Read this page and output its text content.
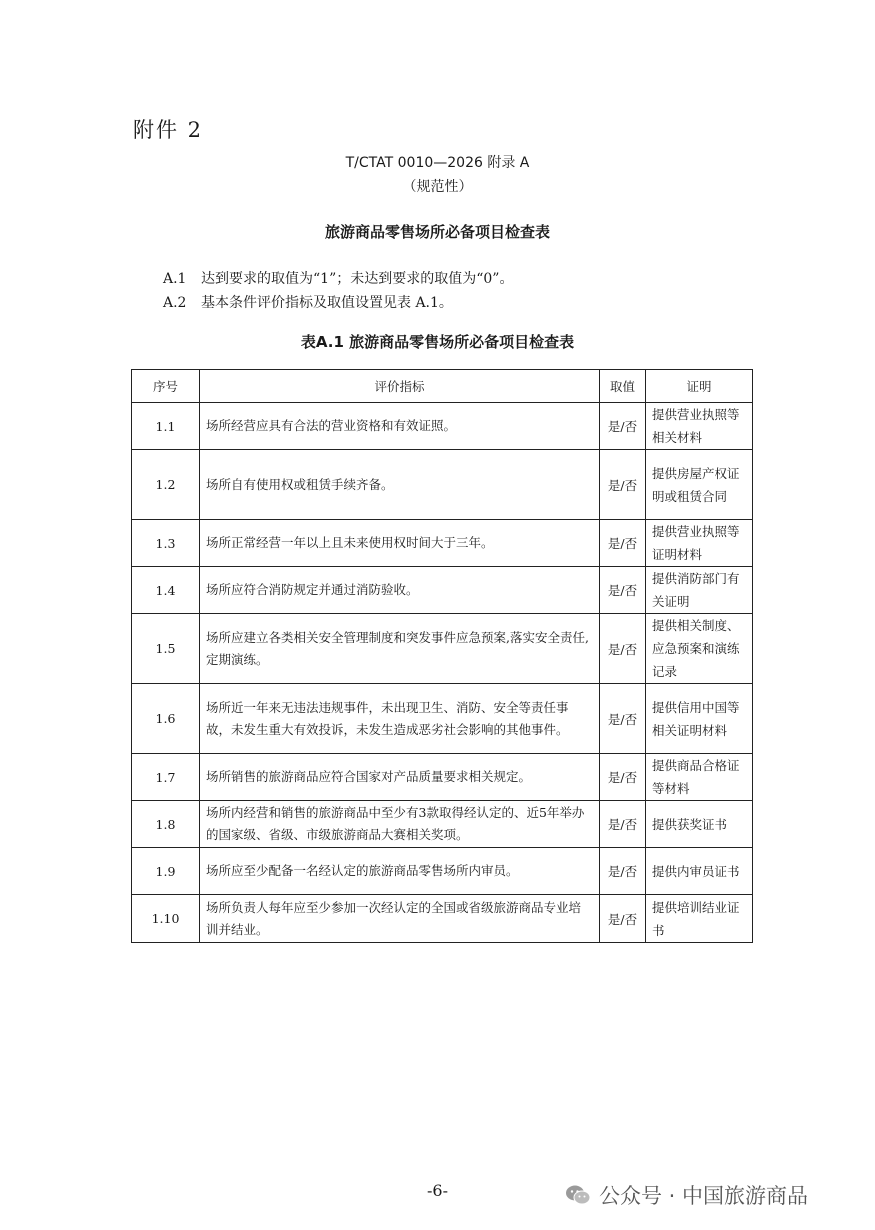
附件 2
T/CTAT 0010—2026 附录 A
（规范性）
旅游商品零售场所必备项目检查表
A.1 达到要求的取值为“1”；未达到要求的取值为“0”。
A.2 基本条件评价指标及取值设置见表 A.1。
表A.1 旅游商品零售场所必备项目检查表
序号	评价指标	取值	证明
1.1	场所经营应具有合法的营业资格和有效证照。	是/否	提供营业执照等相关材料
1.2	场所自有使用权或租赁手续齐备。	是/否	提供房屋产权证明或租赁合同
1.3	场所正常经营一年以上且未来使用权时间大于三年。	是/否	提供营业执照等证明材料
1.4	场所应符合消防规定并通过消防验收。	是/否	提供消防部门有关证明
1.5	场所应建立各类相关安全管理制度和突发事件应急预案,落实安全责任,定期演练。	是/否	提供相关制度、应急预案和演练记录
1.6	场所近一年来无违法违规事件，未出现卫生、消防、安全等责任事故，未发生重大有效投诉，未发生造成恶劣社会影响的其他事件。	是/否	提供信用中国等相关证明材料
1.7	场所销售的旅游商品应符合国家对产品质量要求相关规定。	是/否	提供商品合格证等材料
1.8	场所内经营和销售的旅游商品中至少有3款取得经认定的、近5年举办的国家级、省级、市级旅游商品大赛相关奖项。	是/否	提供获奖证书
1.9	场所应至少配备一名经认定的旅游商品零售场所内审员。	是/否	提供内审员证书
1.10	场所负责人每年应至少参加一次经认定的全国或省级旅游商品专业培训并结业。	是/否	提供培训结业证书
-6-	公众号 · 中国旅游商品
